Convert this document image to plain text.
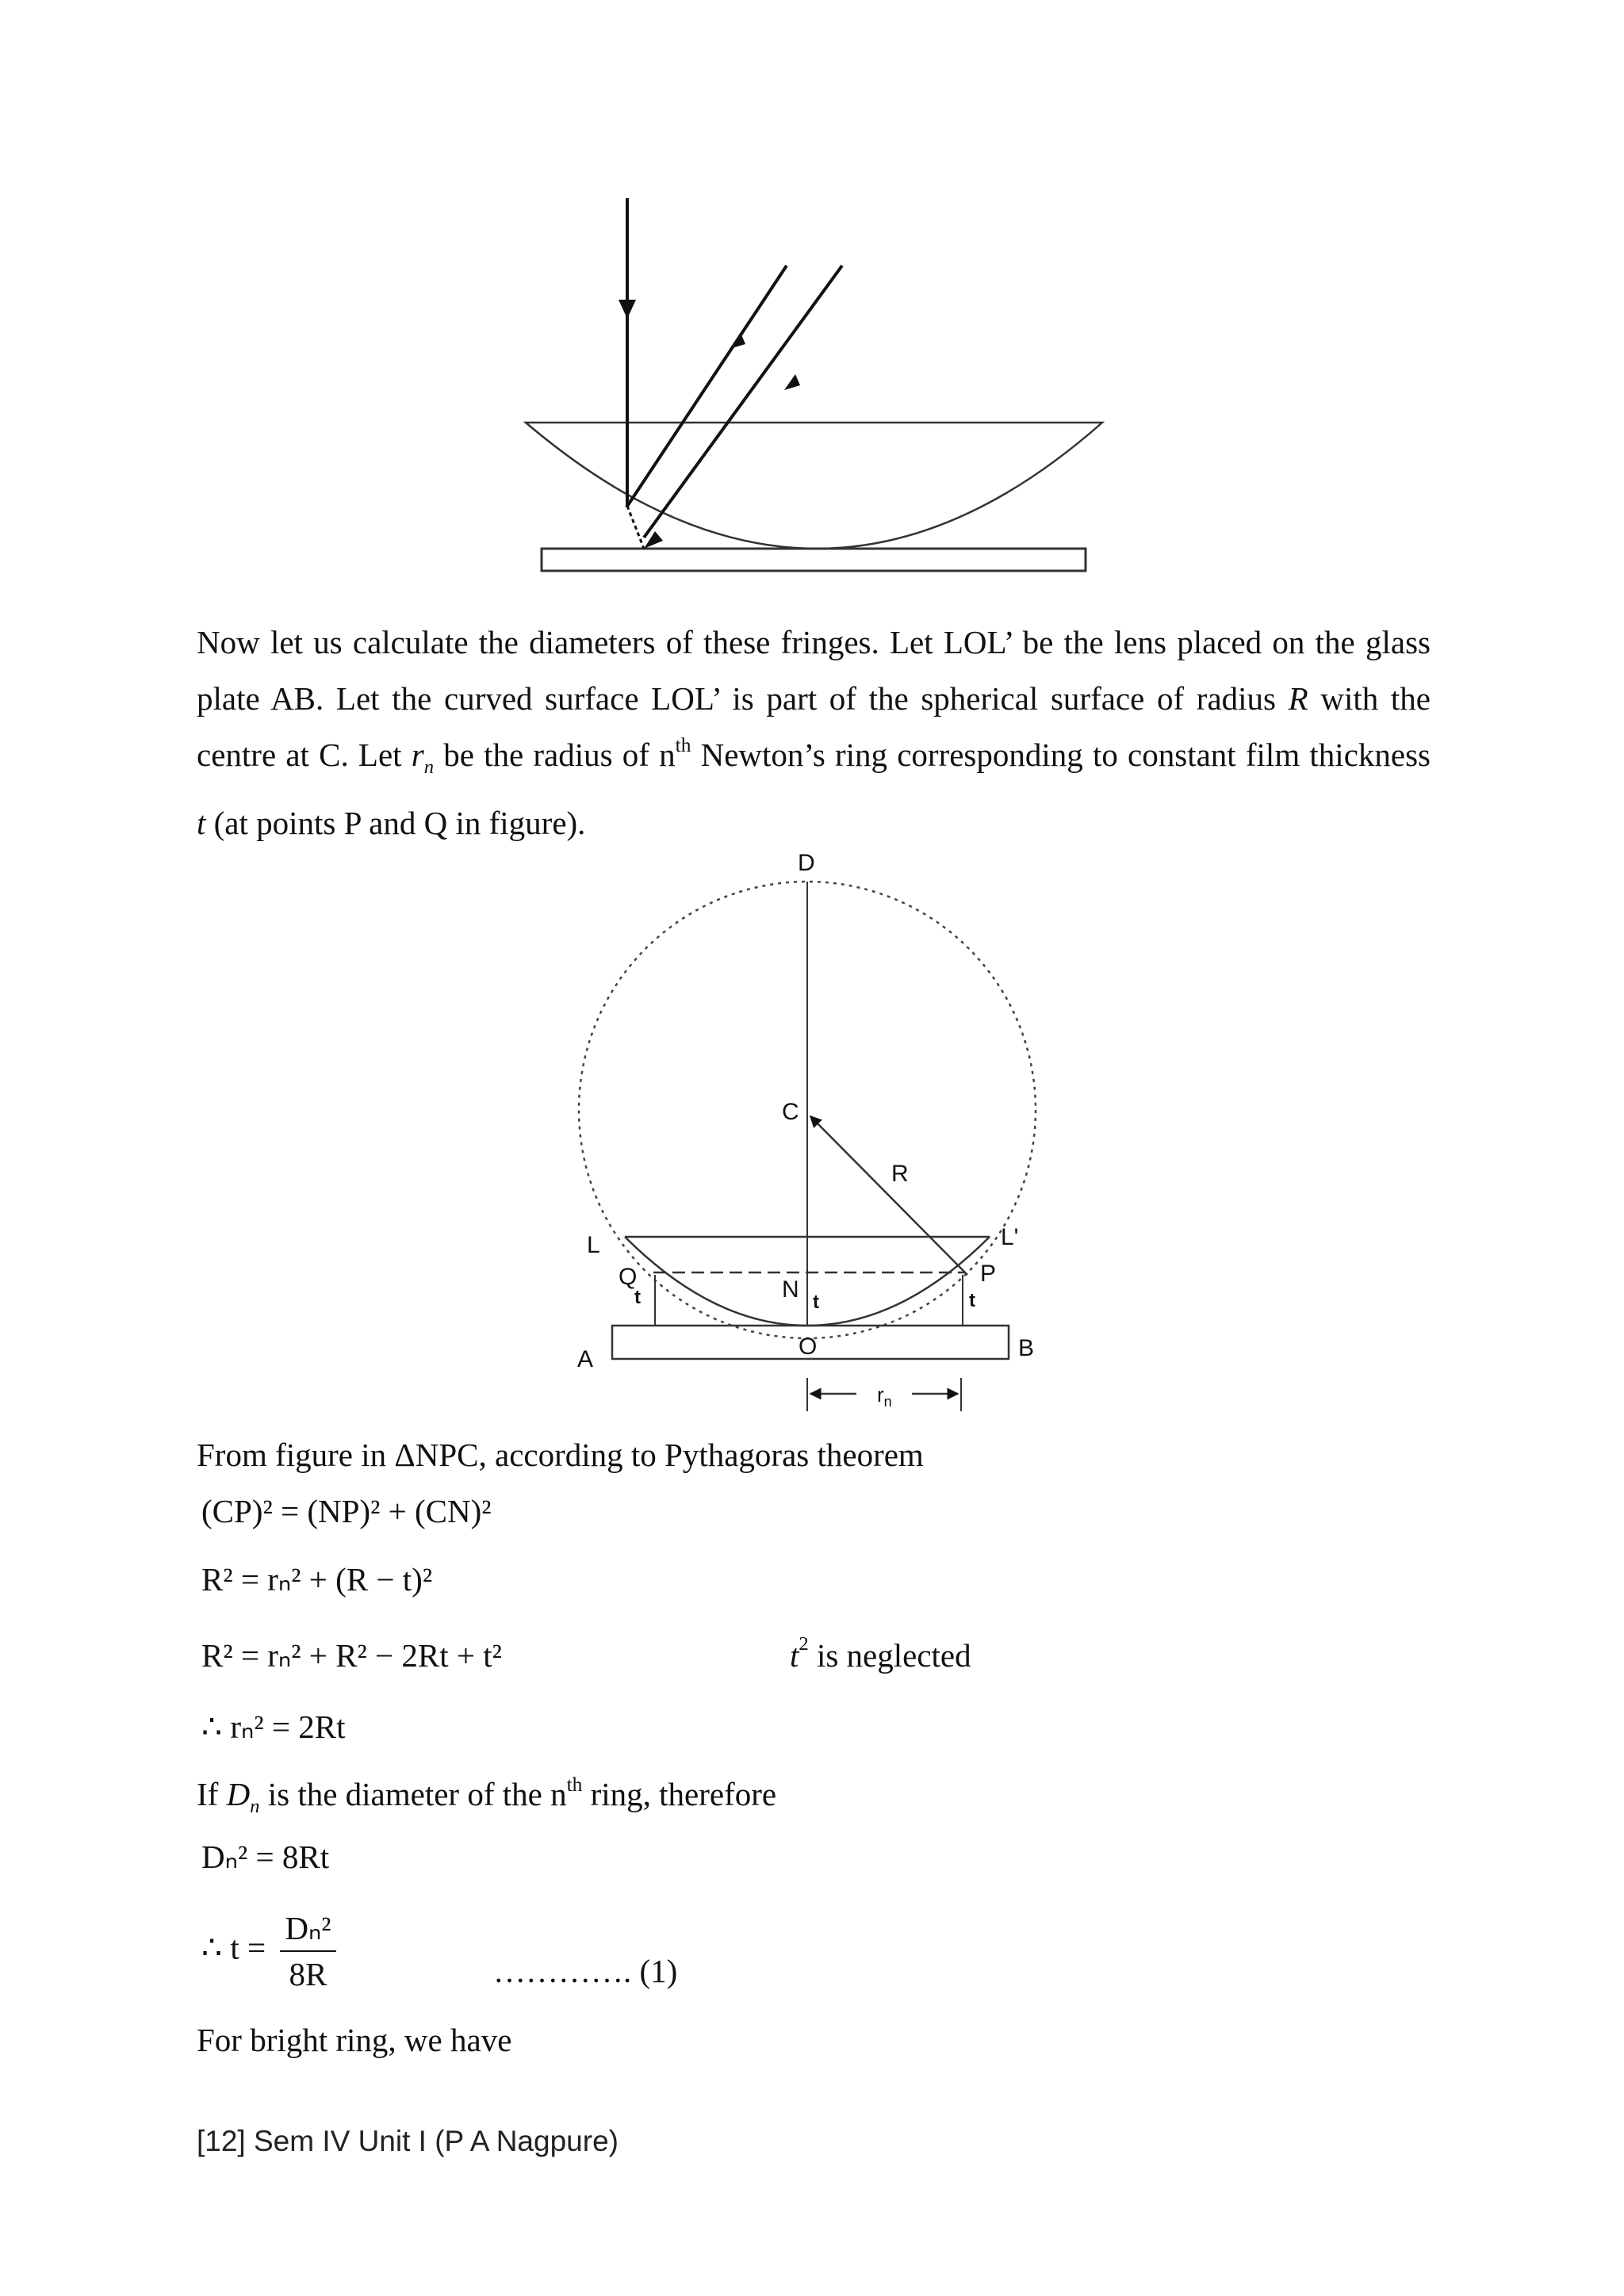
Now let us calculate the diameters of these fringes. Let LOL’ be the lens placed on the glass
plate AB. Let the curved surface LOL’ is part of the spherical surface of radius R with the
centre at C. Let $r_n$ be the radius of $n^{th}$ Newton’s ring corresponding to constant film thickness
t (at points P and Q in figure).
D
C
R
L	L'
Q
t	N t
P
t
A	O	B
$r_n$
From figure in ΔNPC, according to Pythagoras theorem
(CP)² = (NP)² + (CN)²
R² = rₙ² + (R − t)²
R² = rₙ² + R² − 2Rt + t²	$t^2$ is neglected
∴ rₙ² = 2Rt
If $D_n$ is the diameter of the $n^{th}$ ring, therefore
Dₙ² = 8Rt
∴ $t = \frac{\text{Dₙ²}}{8R}$	…………. (1)
For bright ring, we have
[12] Sem IV Unit I (P A Nagpure)
